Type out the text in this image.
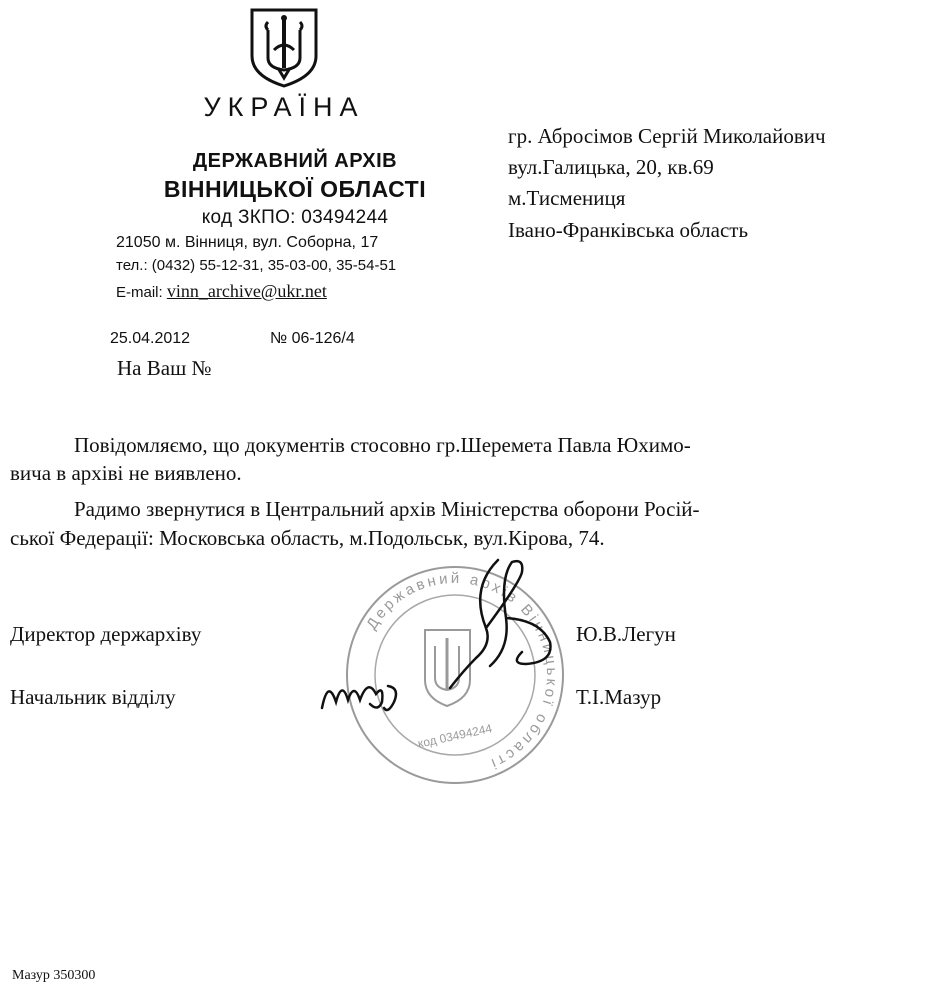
УКРАЇНА
ДЕРЖАВНИЙ АРХІВ
ВІННИЦЬКОЇ ОБЛАСТІ
код ЗКПО: 03494244
21050 м. Вінниця, вул. Соборна, 17
тел.: (0432) 55-12-31, 35-03-00, 35-54-51
E-mail: vinn_archive@ukr.net
гр. Абросімов Сергій Миколайович
вул.Галицька, 20, кв.69
м.Тисмениця
Івано-Франківська область
25.04.2012	№ 06-126/4
На Ваш №
Повідомляємо, що документів стосовно гр.Шеремета Павла Юхимо-
вича в архіві не виявлено.
Радимо звернутися в Центральний архів Міністерства оборони Росій-
ської Федерації: Московська область, м.Подольськ, вул.Кірова, 74.
Державний архів Вінницької області
код 03494244
Директор держархіву	Ю.В.Легун
Начальник відділу	Т.І.Мазур
Мазур 350300
